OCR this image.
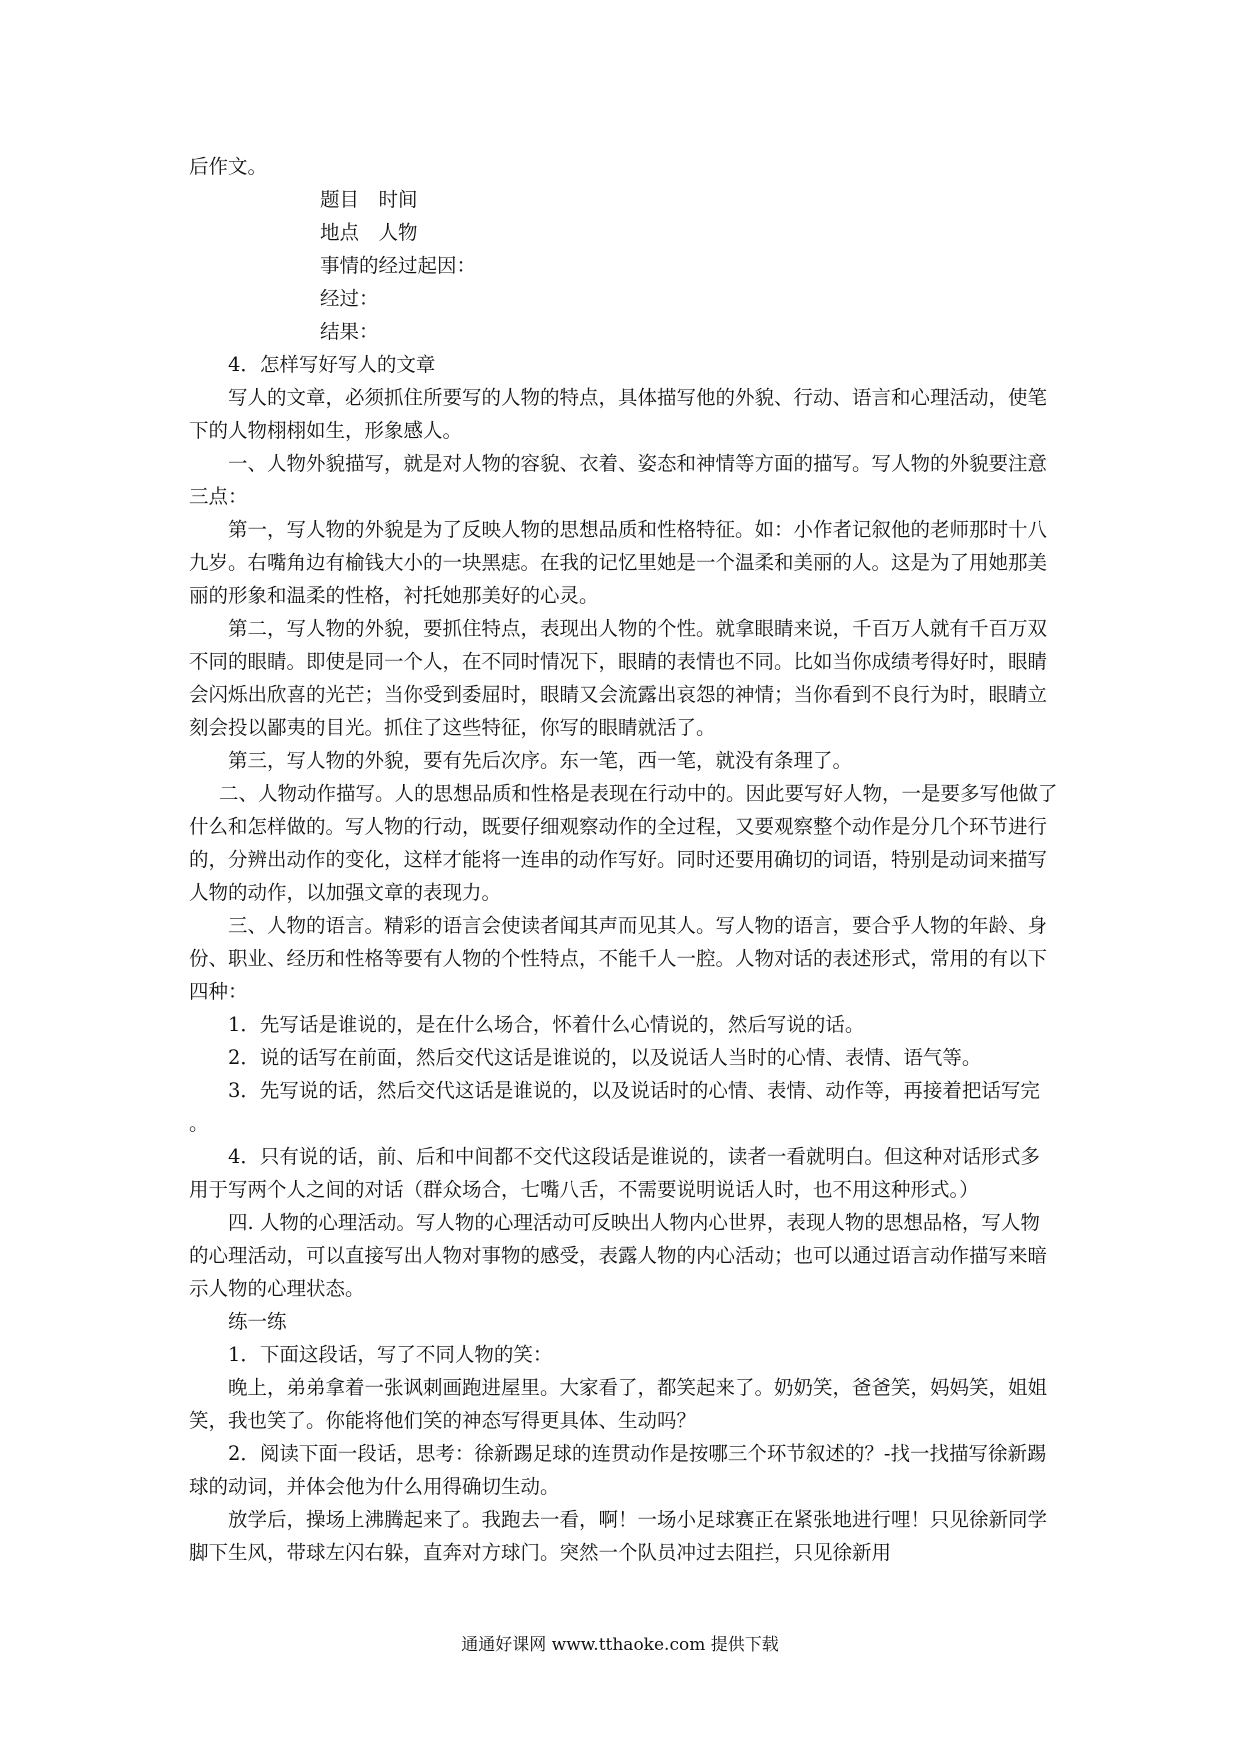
后作文。

题目　时间

地点　人物

事情的经过起因：

经过：

结果：

4．怎样写好写人的文章

写人的文章，必须抓住所要写的人物的特点，具体描写他的外貌、行动、语言和心理活动，使笔下的人物栩栩如生，形象感人。

一、人物外貌描写，就是对人物的容貌、衣着、姿态和神情等方面的描写。写人物的外貌要注意三点：

第一，写人物的外貌是为了反映人物的思想品质和性格特征。如：小作者记叙他的老师那时十八九岁。右嘴角边有榆钱大小的一块黑痣。在我的记忆里她是一个温柔和美丽的人。这是为了用她那美丽的形象和温柔的性格，衬托她那美好的心灵。

第二，写人物的外貌，要抓住特点，表现出人物的个性。就拿眼睛来说，千百万人就有千百万双不同的眼睛。即使是同一个人，在不同时情况下，眼睛的表情也不同。比如当你成绩考得好时，眼睛会闪烁出欣喜的光芒；当你受到委屈时，眼睛又会流露出哀怨的神情；当你看到不良行为时，眼睛立刻会投以鄙夷的目光。抓住了这些特征，你写的眼睛就活了。

第三，写人物的外貌，要有先后次序。东一笔，西一笔，就没有条理了。

二、人物动作描写。人的思想品质和性格是表现在行动中的。因此要写好人物，一是要多写他做了什么和怎样做的。写人物的行动，既要仔细观察动作的全过程，又要观察整个动作是分几个环节进行的，分辨出动作的变化，这样才能将一连串的动作写好。同时还要用确切的词语，特别是动词来描写人物的动作，以加强文章的表现力。

三、人物的语言。精彩的语言会使读者闻其声而见其人。写人物的语言，要合乎人物的年龄、身份、职业、经历和性格等要有人物的个性特点，不能千人一腔。人物对话的表述形式，常用的有以下四种：

1．先写话是谁说的，是在什么场合，怀着什么心情说的，然后写说的话。

2．说的话写在前面，然后交代这话是谁说的，以及说话人当时的心情、表情、语气等。

3．先写说的话，然后交代这话是谁说的，以及说话时的心情、表情、动作等，再接着把话写完。

4．只有说的话，前、后和中间都不交代这段话是谁说的，读者一看就明白。但这种对话形式多用于写两个人之间的对话（群众场合，七嘴八舌，不需要说明说话人时，也不用这种形式。）

四. 人物的心理活动。写人物的心理活动可反映出人物内心世界，表现人物的思想品格，写人物的心理活动，可以直接写出人物对事物的感受，表露人物的内心活动；也可以通过语言动作描写来暗示人物的心理状态。

练一练

1．下面这段话，写了不同人物的笑：

晚上，弟弟拿着一张讽刺画跑进屋里。大家看了，都笑起来了。奶奶笑，爸爸笑，妈妈笑，姐姐笑，我也笑了。你能将他们笑的神态写得更具体、生动吗？

2．阅读下面一段话，思考：徐新踢足球的连贯动作是按哪三个环节叙述的？-找一找描写徐新踢球的动词，并体会他为什么用得确切生动。

放学后，操场上沸腾起来了。我跑去一看，啊！一场小足球赛正在紧张地进行哩！只见徐新同学脚下生风，带球左闪右躲，直奔对方球门。突然一个队员冲过去阻拦，只见徐新用

通通好课网 www.tthaoke.com 提供下载
